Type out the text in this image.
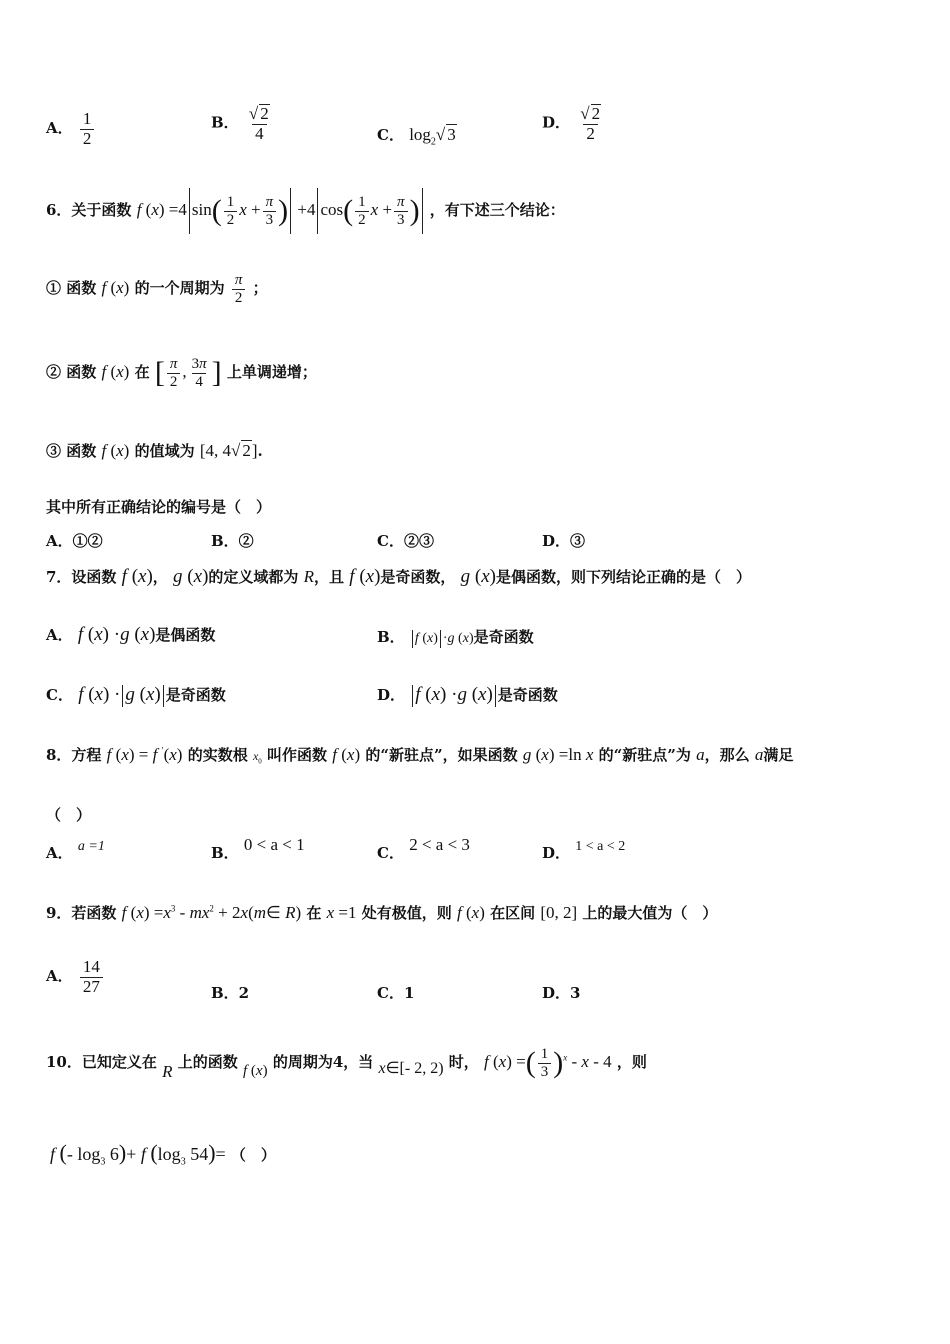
A． $\frac{1}{2}$	B． $\frac{√ 2}{4}$	C． $\log_2√$ 3
D． $\frac{√ 2}{2}$
6．关于函数 f (x) =4 $\sin( \frac{1}{2}$ $x + \frac{\pi}{3}$ ) +4 $\cos( \frac{1}{2}$ $x + \frac{\pi}{3}$ ) ，有下述三个结论：
① 函数 f (x) 的一个周期为 $\frac{\pi}{2}$ ；
② 函数 f (x) 在 [ $\frac{\pi}{2}$ , $\frac{3\pi}{4}$ ] 上单调递增；
③ 函数 f (x) 的值域为 [4, 4√ 2].
其中所有正确结论的编号是（　）
A．①②	B．②	C．②③	D．③
7．设函数 f (x)， g (x)的定义域都为 R，且 f (x)是奇函数， g (x)是偶函数，则下列结论正确的是（　）
A． f (x) ·g (x)是偶函数	B． f (x) ·g (x)是奇函数
C． f (x) · g (x) 是奇函数	D． f (x) ·g (x) 是奇函数
8．方程 f (x) = f ′(x) 的实数根 $x_0$ 叫作函数 f (x) 的“新驻点”，如果函数 g (x) =ln x 的“新驻点”为 a，那么 a满足
（　）
A． a =1	B． 0 < a < 1	C． 2 < a < 3	D． 1 < a < 2
9．若函数 f $(x) =x^3 - mx^2$ + 2x(m∈ R) 在 x =1 处有极值，则 f (x) 在区间 [0, 2] 上的最大值为（　）
A． $\frac{14}{27}$	B．2	C．1	D．3
10．已知定义在 R 上的函数 f (x) 的周期为4，当 x∈[- 2, 2) 时， f (x) =( $\frac{1}{3} )^x$ - x - 4 ，则
f (- $\log_3 6)+ f$ ($\log_3$ 54)= （　）
